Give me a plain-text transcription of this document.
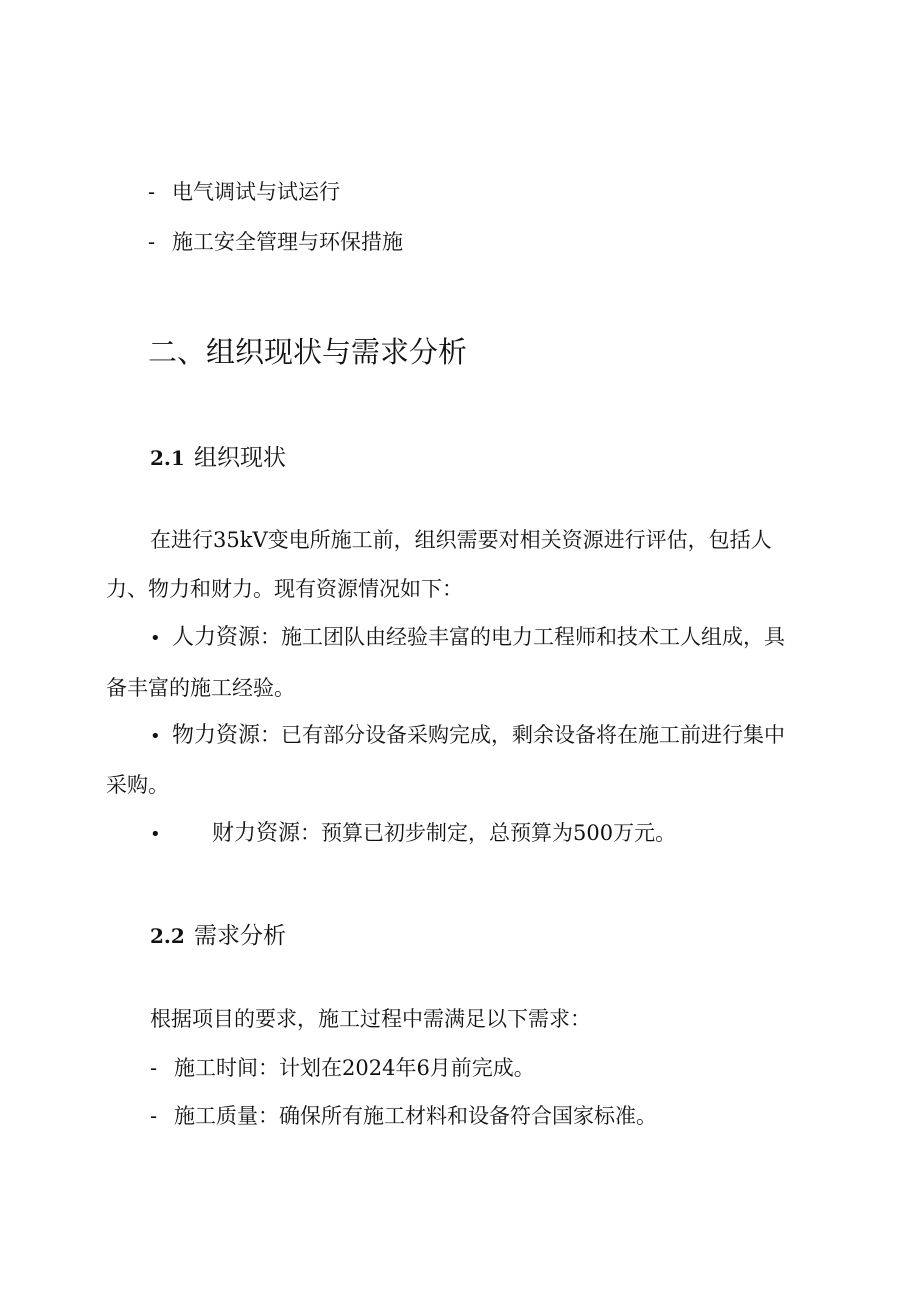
- 电气调试与试运行
- 施工安全管理与环保措施
二、组织现状与需求分析
2.1 组织现状
在进行35kV变电所施工前，组织需要对相关资源进行评估，包括人
力、物力和财力。现有资源情况如下：
• 人力资源：施工团队由经验丰富的电力工程师和技术工人组成，具
备丰富的施工经验。
• 物力资源：已有部分设备采购完成，剩余设备将在施工前进行集中
采购。
• 财力资源：预算已初步制定，总预算为500万元。
2.2 需求分析
根据项目的要求，施工过程中需满足以下需求：
- 施工时间：计划在2024年6月前完成。
- 施工质量：确保所有施工材料和设备符合国家标准。
